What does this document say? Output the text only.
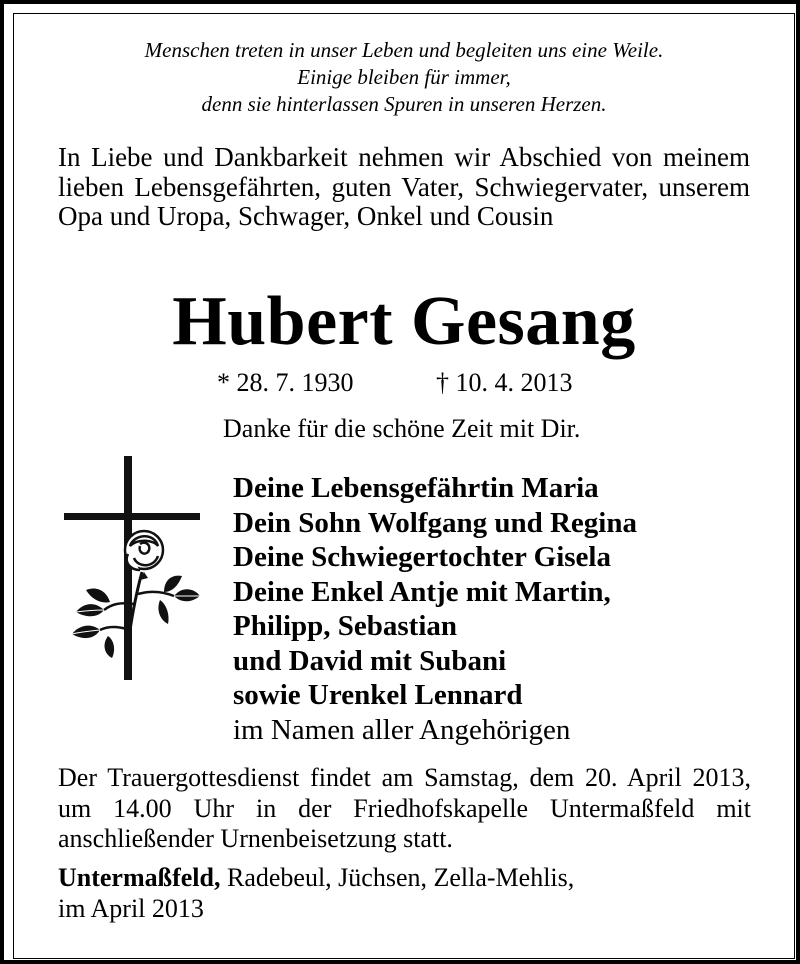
Menschen treten in unser Leben und begleiten uns eine Weile.
Einige bleiben für immer,
denn sie hinterlassen Spuren in unseren Herzen.

In Liebe und Dankbarkeit nehmen wir Abschied von meinem lieben Lebensgefährten, guten Vater, Schwiegervater, unserem Opa und Uropa, Schwager, Onkel und Cousin

Hubert Gesang
* 28. 7. 1930	† 10. 4. 2013
Danke für die schöne Zeit mit Dir.
Deine Lebensgefährtin Maria
Dein Sohn Wolfgang und Regina
Deine Schwiegertochter Gisela
Deine Enkel Antje mit Martin,
Philipp, Sebastian
und David mit Subani
sowie Urenkel Lennard
im Namen aller Angehörigen

Der Trauergottesdienst findet am Samstag, dem 20. April 2013, um 14.00 Uhr in der Friedhofskapelle Untermaßfeld mit anschließender Urnenbeisetzung statt.

Untermaßfeld, Radebeul, Jüchsen, Zella-Mehlis,
im April 2013
